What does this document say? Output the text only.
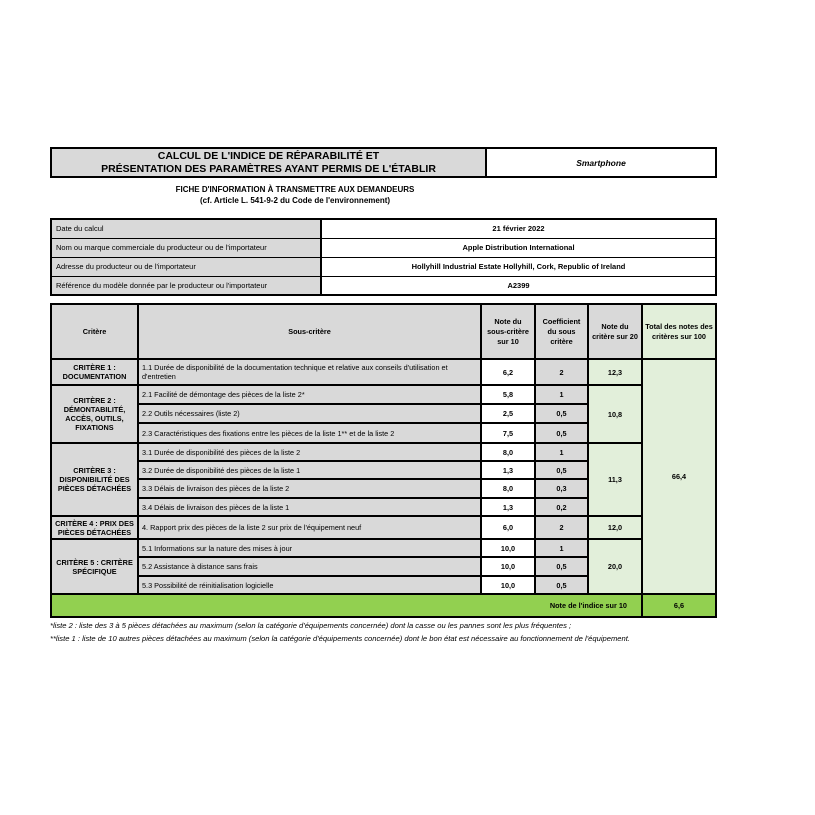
CALCUL DE L'INDICE DE RÉPARABILITÉ ET
PRÉSENTATION DES PARAMÈTRES AYANT PERMIS DE L'ÉTABLIR	Smartphone
FICHE D'INFORMATION À TRANSMETTRE AUX DEMANDEURS
(cf. Article L. 541-9-2 du Code de l'environnement)
Date du calcul	21 février 2022
Nom ou marque commerciale du producteur ou de l'importateur	Apple Distribution International
Adresse du producteur ou de l'importateur	Hollyhill Industrial Estate Hollyhill, Cork, Republic of Ireland
Référence du modèle donnée par le producteur ou l'importateur	A2399
Critère	Sous-critère	Note du sous-critère sur 10	Coefficient du sous critère	Note du critère sur 20	Total des notes des critères sur 100
CRITÈRE 1 : DOCUMENTATION	1.1 Durée de disponibilité de la documentation technique et relative aux conseils d'utilisation et d'entretien	6,2	2	12,3	66,4
CRITÈRE 2 : DÉMONTABILITÉ, ACCÈS, OUTILS, FIXATIONS	2.1 Facilité de démontage des pièces de la liste 2*	5,8	1	10,8	
	2.2 Outils nécessaires (liste 2)	2,5	0,5		
	2.3 Caractéristiques des fixations entre les pièces de la liste 1** et de la liste 2	7,5	0,5		
CRITÈRE 3 : DISPONIBILITÉ DES PIÈCES DÉTACHÉES	3.1 Durée de disponibilité des pièces de la liste 2	8,0	1	11,3	
	3.2 Durée de disponibilité des pièces de la liste 1	1,3	0,5		
	3.3 Délais de livraison des pièces de la liste 2	8,0	0,3		
	3.4 Délais de livraison des pièces de la liste 1	1,3	0,2		
CRITÈRE 4 : PRIX DES PIÈCES DÉTACHÉES	4. Rapport prix des pièces de la liste 2 sur prix de l'équipement neuf	6,0	2	12,0	
CRITÈRE 5 : CRITÈRE SPÉCIFIQUE	5.1 Informations sur la nature des mises à jour	10,0	1	20,0	
	5.2 Assistance à distance sans frais	10,0	0,5		
	5.3 Possibilité de réinitialisation logicielle	10,0	0,5		
Note de l'indice sur 10					6,6
*liste 2 : liste des 3 à 5 pièces détachées au maximum (selon la catégorie d'équipements concernée) dont la casse ou les pannes sont les plus fréquentes ;
**liste 1 : liste de 10 autres pièces détachées au maximum (selon la catégorie d'équipements concernée) dont le bon état est nécessaire au fonctionnement de l'équipement.
